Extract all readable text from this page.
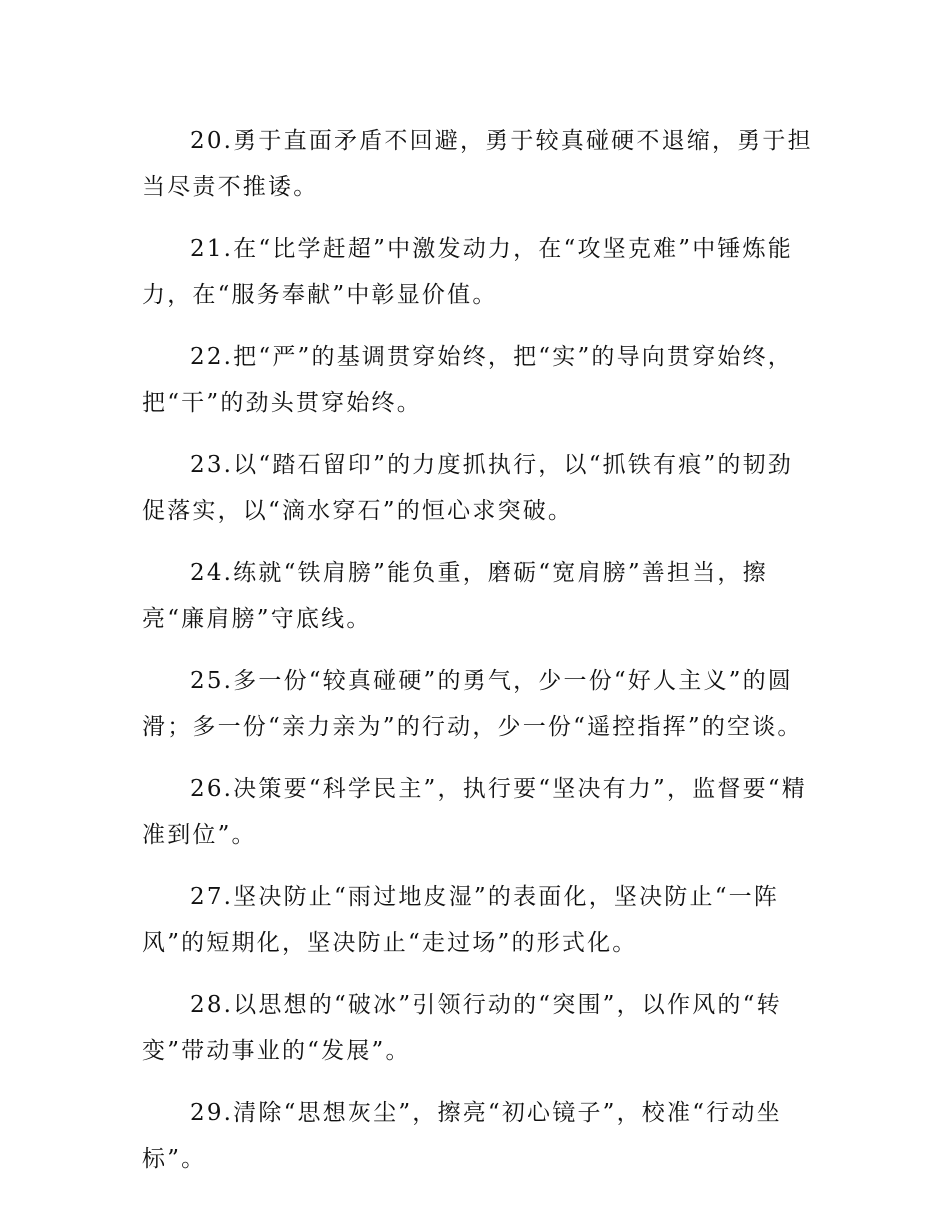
20.勇于直面矛盾不回避，勇于较真碰硬不退缩，勇于担当尽责不推诿。

21.在“比学赶超”中激发动力，在“攻坚克难”中锤炼能力，在“服务奉献”中彰显价值。

22.把“严”的基调贯穿始终，把“实”的导向贯穿始终，把“干”的劲头贯穿始终。

23.以“踏石留印”的力度抓执行，以“抓铁有痕”的韧劲促落实，以“滴水穿石”的恒心求突破。

24.练就“铁肩膀”能负重，磨砺“宽肩膀”善担当，擦亮“廉肩膀”守底线。

25.多一份“较真碰硬”的勇气，少一份“好人主义”的圆滑；多一份“亲力亲为”的行动，少一份“遥控指挥”的空谈。

26.决策要“科学民主”，执行要“坚决有力”，监督要“精准到位”。

27.坚决防止“雨过地皮湿”的表面化，坚决防止“一阵风”的短期化，坚决防止“走过场”的形式化。

28.以思想的“破冰”引领行动的“突围”，以作风的“转变”带动事业的“发展”。

29.清除“思想灰尘”，擦亮“初心镜子”，校准“行动坐标”。
